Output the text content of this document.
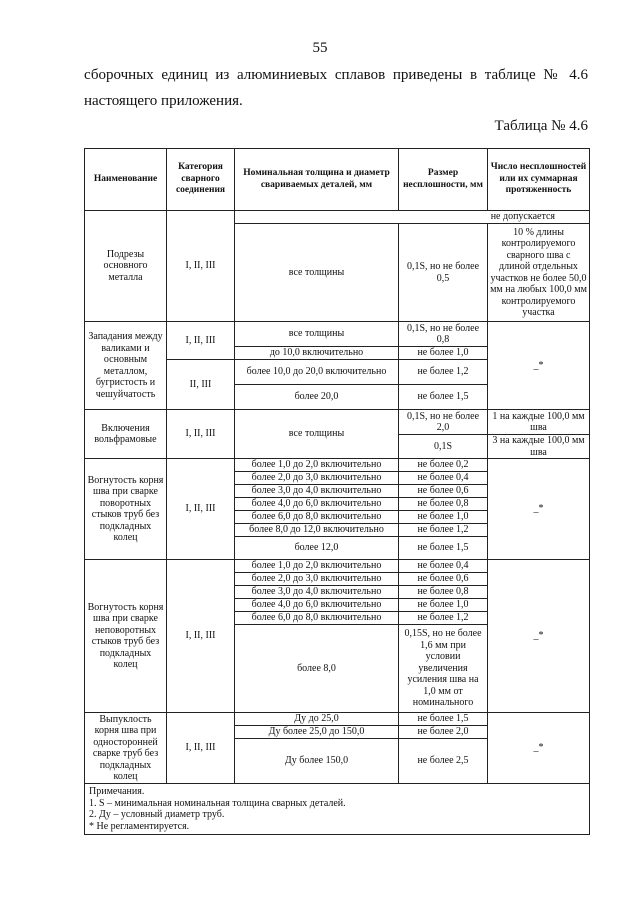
55
сборочных единиц из алюминиевых сплавов приведены в таблице № 4.6
настоящего приложения.
Таблица № 4.6
Наименование	Категория сварного соединения	Номинальная толщина и диаметр свариваемых деталей, мм	Размер несплошности, мм	Число несплошностей или их суммарная протяженность
Подрезы основного металла	I, II, III	не допускается		
		все толщины	0,1S, но не более 0,5	10 % длины контролируемого сварного шва с длиной отдельных участков не более 50,0 мм на любых 100,0 мм контролируемого участка
Западания между валиками и основным металлом, бугристость и чешуйчатость	I, II, III	все толщины	0,1S, но не более 0,8	_*
		до 10,0 включительно	не более 1,0	
	II, III	более 10,0 до 20,0 включительно	не более 1,2	
		более 20,0	не более 1,5	
Включения вольфрамовые	I, II, III	все толщины	0,1S, но не более 2,0	1 на каждые 100,0 мм шва
			0,1S	3 на каждые 100,0 мм шва
Вогнутость корня шва при сварке поворотных стыков труб без подкладных колец	I, II, III	более 1,0 до 2,0 включительно	не более 0,2	_*
		более 2,0 до 3,0 включительно	не более 0,4	
		более 3,0 до 4,0 включительно	не более 0,6	
		более 4,0 до 6,0 включительно	не более 0,8	
		более 6,0 до 8,0 включительно	не более 1,0	
		более 8,0 до 12,0 включительно	не более 1,2	
		более 12,0	не более 1,5	
Вогнутость корня шва при сварке неповоротных стыков труб без подкладных колец	I, II, III	более 1,0 до 2,0 включительно	не более 0,4	_*
		более 2,0 до 3,0 включительно	не более 0,6	
		более 3,0 до 4,0 включительно	не более 0,8	
		более 4,0 до 6,0 включительно	не более 1,0	
		более 6,0 до 8,0 включительно	не более 1,2	
		более 8,0	0,15S, но не более 1,6 мм при условии увеличения усиления шва на 1,0 мм от номинального	
Выпуклость корня шва при односторонней сварке труб без подкладных колец	I, II, III	Ду до 25,0	не более 1,5	_*
		Ду более 25,0 до 150,0	не более 2,0	
		Ду более 150,0	не более 2,5	

Примечания.
1. S – минимальная номинальная толщина сварных деталей.
2. Ду – условный диаметр труб.
* Не регламентируется.				
